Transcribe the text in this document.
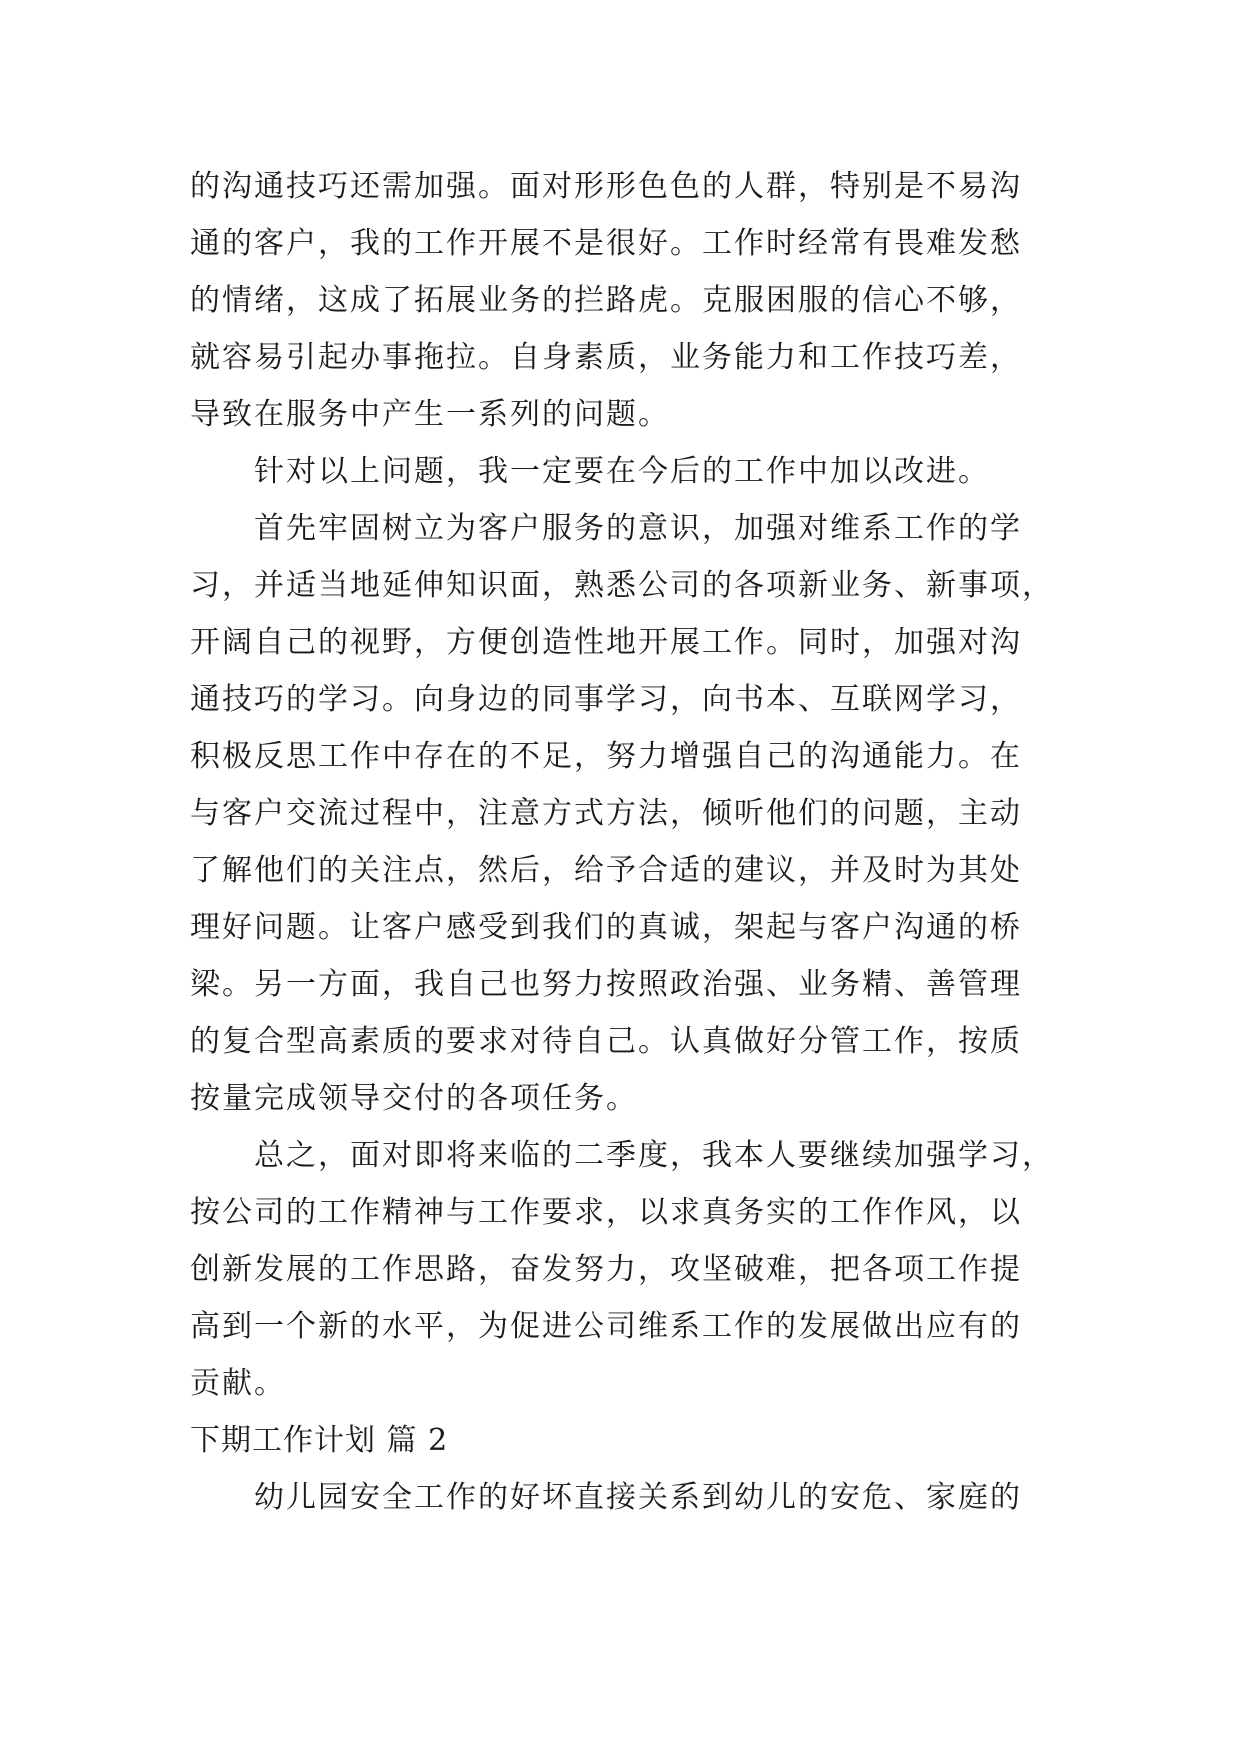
的沟通技巧还需加强。面对形形色色的人群，特别是不易沟
通的客户，我的工作开展不是很好。工作时经常有畏难发愁
的情绪，这成了拓展业务的拦路虎。克服困服的信心不够，
就容易引起办事拖拉。自身素质，业务能力和工作技巧差，
导致在服务中产生一系列的问题。
针对以上问题，我一定要在今后的工作中加以改进。
首先牢固树立为客户服务的意识，加强对维系工作的学
习，并适当地延伸知识面，熟悉公司的各项新业务、新事项，
开阔自己的视野，方便创造性地开展工作。同时，加强对沟
通技巧的学习。向身边的同事学习，向书本、互联网学习，
积极反思工作中存在的不足，努力增强自己的沟通能力。在
与客户交流过程中，注意方式方法，倾听他们的问题，主动
了解他们的关注点，然后，给予合适的建议，并及时为其处
理好问题。让客户感受到我们的真诚，架起与客户沟通的桥
梁。另一方面，我自己也努力按照政治强、业务精、善管理
的复合型高素质的要求对待自己。认真做好分管工作，按质
按量完成领导交付的各项任务。
总之，面对即将来临的二季度，我本人要继续加强学习，
按公司的工作精神与工作要求，以求真务实的工作作风，以
创新发展的工作思路，奋发努力，攻坚破难，把各项工作提
高到一个新的水平，为促进公司维系工作的发展做出应有的
贡献。
下期工作计划 篇 2
幼儿园安全工作的好坏直接关系到幼儿的安危、家庭的
